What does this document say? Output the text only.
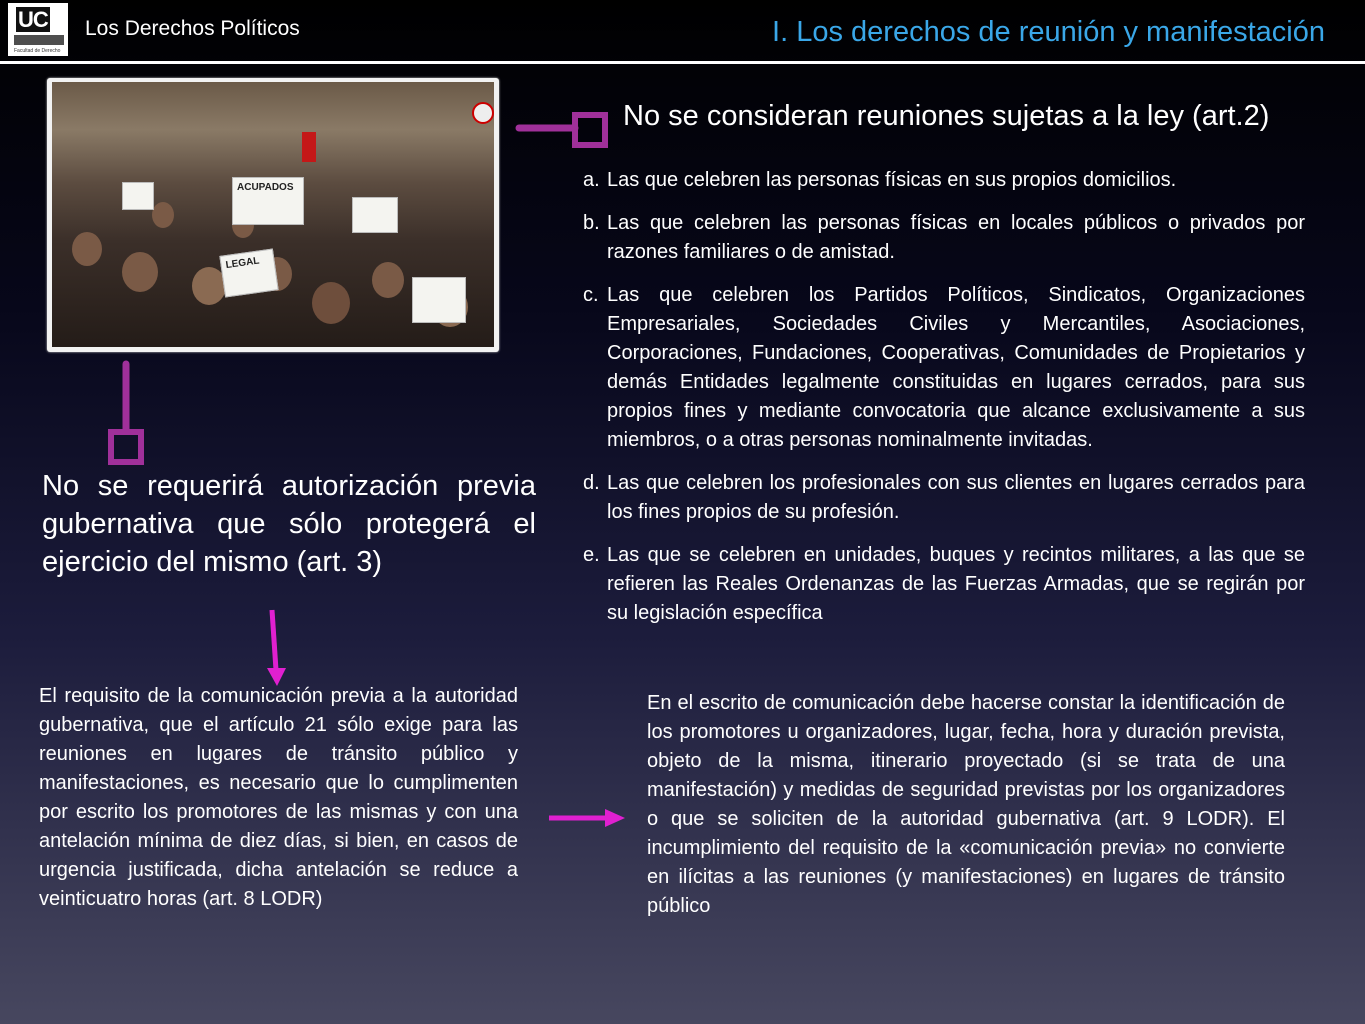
UC
Facultad de Derecho
Los Derechos Políticos	I. Los derechos de reunión y manifestación
ACUPADOS
LEGAL
No se consideran reuniones sujetas a la ley (art.2)
a. Las que celebren las personas físicas en sus propios domicilios.
b. Las que celebren las personas físicas en locales públicos o privados por razones familiares o de amistad.
c. Las que celebren los Partidos Políticos, Sindicatos, Organizaciones Empresariales, Sociedades Civiles y Mercantiles, Asociaciones, Corporaciones, Fundaciones, Cooperativas, Comunidades de Propietarios y demás Entidades legalmente constituidas en lugares cerrados, para sus propios fines y mediante convocatoria que alcance exclusivamente a sus miembros, o a otras personas nominalmente invitadas.
d. Las que celebren los profesionales con sus clientes en lugares cerrados para los fines propios de su profesión.
e. Las que se celebren en unidades, buques y recintos militares, a las que se refieren las Reales Ordenanzas de las Fuerzas Armadas, que se regirán por su legislación específica
No se requerirá autorización previa gubernativa que sólo protegerá el ejercicio del mismo (art. 3)
El requisito de la comunicación previa a la autoridad gubernativa, que el artículo 21 sólo exige para las reuniones en lugares de tránsito público y manifestaciones, es necesario que lo cumplimenten por escrito los promotores de las mismas y con una antelación mínima de diez días, si bien, en casos de urgencia justificada, dicha antelación se reduce a veinticuatro horas (art. 8 LODR)
En el escrito de comunicación debe hacerse constar la identificación de los promotores u organizadores, lugar, fecha, hora y duración prevista, objeto de la misma, itinerario proyectado (si se trata de una manifestación) y medidas de seguridad previstas por los organizadores o que se soliciten de la autoridad gubernativa (art. 9 LODR). El incumplimiento del requisito de la «comunicación previa» no convierte en ilícitas a las reuniones (y manifestaciones) en lugares de tránsito público
